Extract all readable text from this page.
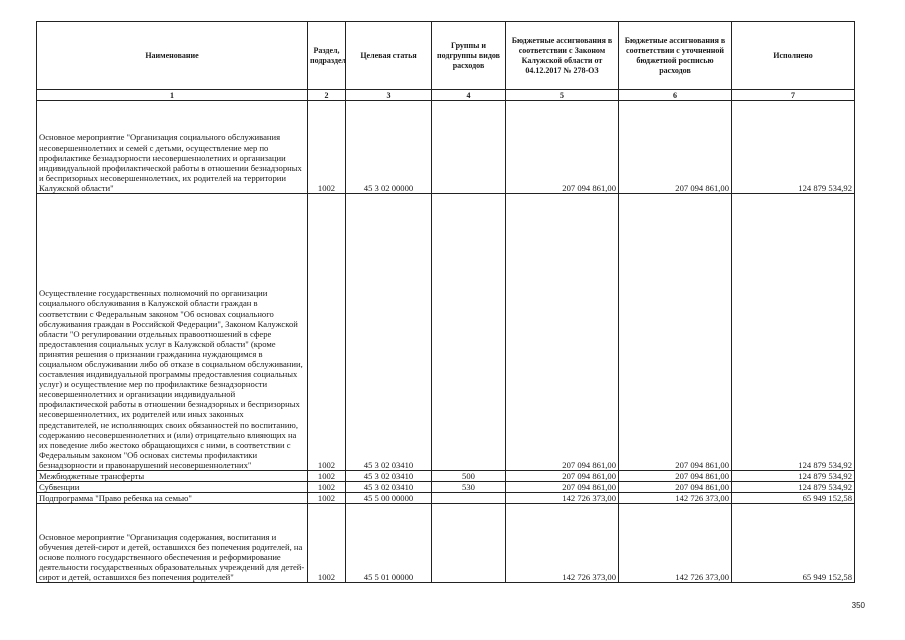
Наименование	Раздел, подраздел	Целевая статья	Группы и подгруппы видов расходов	Бюджетные ассигнования в соответствии с Законом Калужской области от 04.12.2017 № 278-ОЗ	Бюджетные ассигнования в соответствии с уточненной бюджетной росписью расходов	Исполнено
1	2	3	4	5	6	7
Основное мероприятие "Организация социального обслуживания несовершеннолетних и семей с детьми, осуществление мер по профилактике безнадзорности несовершеннолетних и организации индивидуальной профилактической работы в отношении безнадзорных и беспризорных несовершеннолетних, их родителей на территории Калужской области"	1002	45 3 02 00000		207 094 861,00	207 094 861,00	124 879 534,92
Осуществление государственных полномочий по организации социального обслуживания в Калужской области граждан в соответствии с Федеральным законом "Об основах социального обслуживания граждан в Российской Федерации", Законом Калужской области "О регулировании отдельных правоотношений в сфере предоставления социальных услуг в Калужской области" (кроме принятия решения о признании гражданина нуждающимся в социальном обслуживании либо об отказе в социальном обслуживании, составления индивидуальной программы предоставления социальных услуг) и осуществление мер по профилактике безнадзорности несовершеннолетних и организации индивидуальной профилактической работы в отношении безнадзорных и беспризорных несовершеннолетних, их родителей или иных законных представителей, не исполняющих своих обязанностей по воспитанию, содержанию несовершеннолетних и (или) отрицательно влияющих на их поведение либо жестоко обращающихся с ними, в соответствии с Федеральным законом "Об основах системы профилактики безнадзорности и правонарушений несовершеннолетних"	1002	45 3 02 03410		207 094 861,00	207 094 861,00	124 879 534,92
Межбюджетные трансферты	1002	45 3 02 03410	500	207 094 861,00	207 094 861,00	124 879 534,92
Субвенции	1002	45 3 02 03410	530	207 094 861,00	207 094 861,00	124 879 534,92
Подпрограмма "Право ребенка на семью"	1002	45 5 00 00000		142 726 373,00	142 726 373,00	65 949 152,58
Основное мероприятие "Организация содержания, воспитания и обучения детей-сирот и детей, оставшихся без попечения родителей, на основе полного государственного обеспечения и реформирование деятельности государственных образовательных учреждений для детей-сирот и детей, оставшихся без попечения родителей"	1002	45 5 01 00000		142 726 373,00	142 726 373,00	65 949 152,58
350
